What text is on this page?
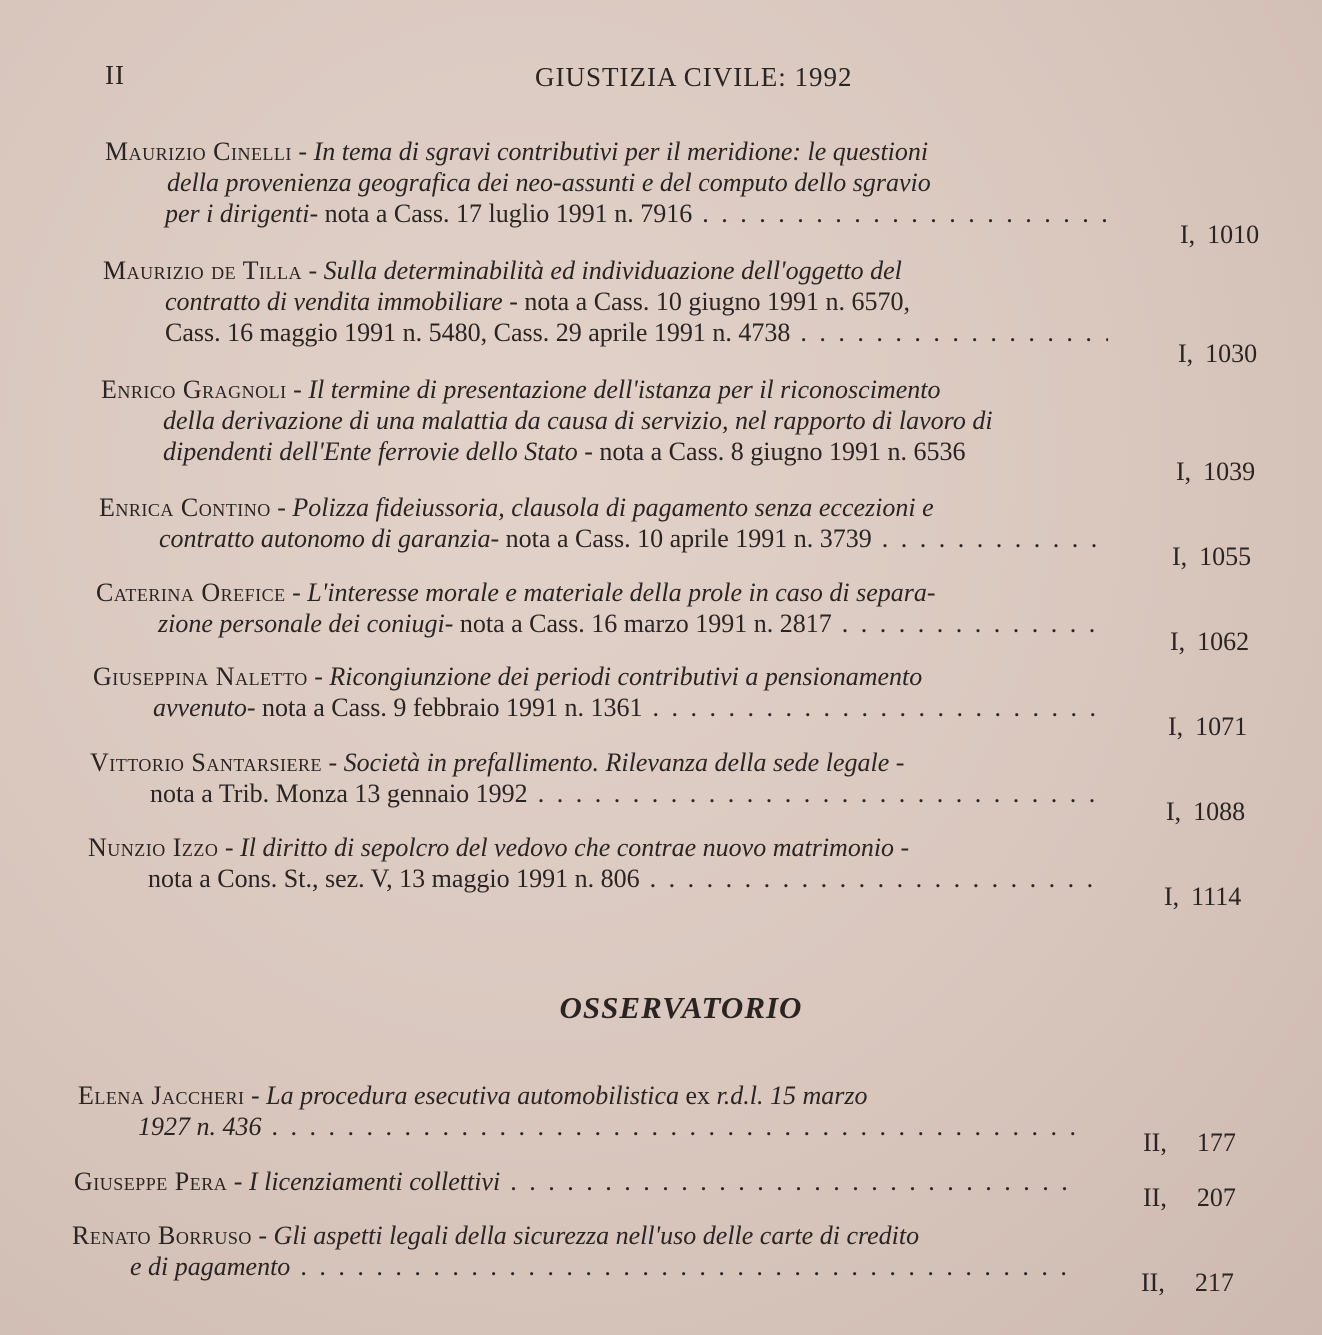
II	GIUSTIZIA CIVILE: 1992
Maurizio Cinelli - In tema di sgravi contributivi per il meridione: le questioni
della provenienza geografica dei neo-assunti e del computo dello sgravio
per i dirigenti - nota a Cass. 17 luglio 1991 n. 7916
. . .
I, 1010
Maurizio de Tilla - Sulla determinabilità ed individuazione dell'oggetto del
contratto di vendita immobiliare - nota a Cass. 10 giugno 1991 n. 6570,
Cass. 16 maggio 1991 n. 5480, Cass. 29 aprile 1991 n. 4738
. . .
I, 1030
Enrico Gragnoli - Il termine di presentazione dell'istanza per il riconoscimento
della derivazione di una malattia da causa di servizio, nel rapporto di lavoro di
dipendenti dell'Ente ferrovie dello Stato - nota a Cass. 8 giugno 1991 n. 6536
I, 1039
Enrica Contino - Polizza fideiussoria, clausola di pagamento senza eccezioni e
contratto autonomo di garanzia - nota a Cass. 10 aprile 1991 n. 3739
. . .
I, 1055
Caterina Orefice - L'interesse morale e materiale della prole in caso di separa-
zione personale dei coniugi - nota a Cass. 16 marzo 1991 n. 2817
. . .
I, 1062
Giuseppina Naletto - Ricongiunzione dei periodi contributivi a pensionamento
avvenuto - nota a Cass. 9 febbraio 1991 n. 1361
. . .
I, 1071
Vittorio Santarsiere - Società in prefallimento. Rilevanza della sede legale -
nota a Trib. Monza 13 gennaio 1992
. . .
I, 1088
Nunzio Izzo - Il diritto di sepolcro del vedovo che contrae nuovo matrimonio -
nota a Cons. St., sez. V, 13 maggio 1991 n. 806
. . .
I, 1114
OSSERVATORIO
Elena Jaccheri - La procedura esecutiva automobilistica ex r.d.l. 15 marzo
1927 n. 436
. . .
II, 177
Giuseppe Pera - I licenziamenti collettivi
. . .
II, 207
Renato Borruso - Gli aspetti legali della sicurezza nell'uso delle carte di credito
e di pagamento
. . .
II, 217
